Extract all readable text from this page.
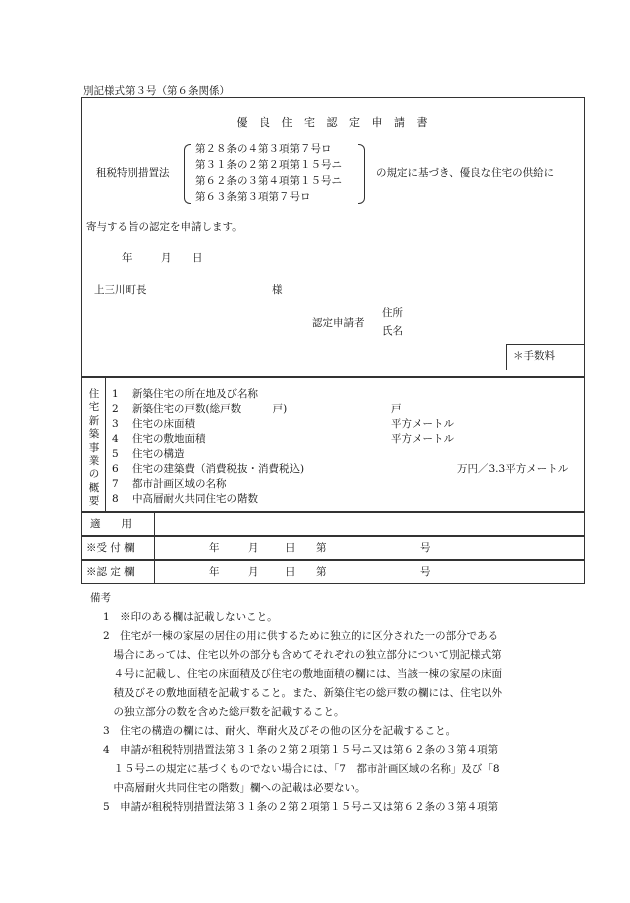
別記様式第３号（第６条関係）
優 良 住 宅 認 定 申 請 書
租税特別措置法
第２８条の４第３項第７号ロ
第３１条の２第２項第１５号ニ
第６２条の３第４項第１５号ニ
第６３条第３項第７号ロ
の規定に基づき、優良な住宅の供給に
寄与する旨の認定を申請します。
年	月 日
上三川町長	様
認定申請者
住所
氏名
＊手数料
住宅新築事業の概要
1 新築住宅の所在地及び名称
2 新築住宅の戸数(総戸数　　　戸)	戸
3 住宅の床面積	平方メートル
4 住宅の敷地面積	平方メートル
5 住宅の構造
6 住宅の建築費（消費税抜・消費税込)	万円／3.3平方メートル
7 都市計画区域の名称
8 中高層耐火共同住宅の階数
適　　用
※受 付 欄	年	月	日 第	号
※認 定 欄	年	月	日 第	号
備考
1　※印のある欄は記載しないこと。
2　住宅が一棟の家屋の居住の用に供するために独立的に区分された一の部分である
　場合にあっては、住宅以外の部分も含めてそれぞれの独立部分について別記様式第
　４号に記載し、住宅の床面積及び住宅の敷地面積の欄には、当該一棟の家屋の床面
　積及びその敷地面積を記載すること。また、新築住宅の総戸数の欄には、住宅以外
　の独立部分の数を含めた総戸数を記載すること。
3　住宅の構造の欄には、耐火、準耐火及びその他の区分を記載すること。
4　申請が租税特別措置法第３１条の２第２項第１５号ニ又は第６２条の３第４項第
　１５号ニの規定に基づくものでない場合には、「7　都市計画区域の名称」及び「8
　中高層耐火共同住宅の階数」欄への記載は必要ない。
5　申請が租税特別措置法第３１条の２第２項第１５号ニ又は第６２条の３第４項第
